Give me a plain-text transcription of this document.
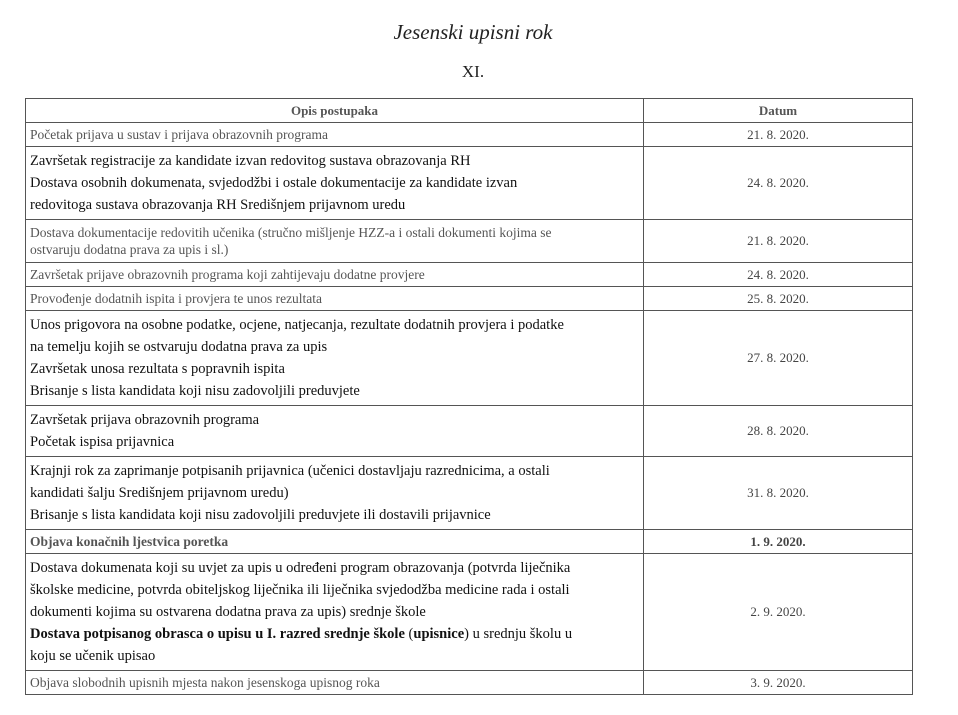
Jesenski upisni rok
XI.
Opis postupaka	Datum

Početak prijava u sustav i prijava obrazovnih programa	21. 8. 2020.

Završetak registracije za kandidate izvan redovitog sustava obrazovanja RH
Dostava osobnih dokumenata, svjedodžbi i ostale dokumentacije za kandidate izvan
redovitoga sustava obrazovanja RH Središnjem prijavnom uredu	24. 8. 2020.

Dostava dokumentacije redovitih učenika (stručno mišljenje HZZ-a i ostali dokumenti kojima se
ostvaruju dodatna prava za upis i sl.)	21. 8. 2020.

Završetak prijave obrazovnih programa koji zahtijevaju dodatne provjere	24. 8. 2020.

Provođenje dodatnih ispita i provjera te unos rezultata	25. 8. 2020.

Unos prigovora na osobne podatke, ocjene, natjecanja, rezultate dodatnih provjera i podatke
na temelju kojih se ostvaruju dodatna prava za upis
Završetak unosa rezultata s popravnih ispita
Brisanje s lista kandidata koji nisu zadovoljili preduvjete	27. 8. 2020.

Završetak prijava obrazovnih programa
Početak ispisa prijavnica	28. 8. 2020.

Krajnji rok za zaprimanje potpisanih prijavnica (učenici dostavljaju razrednicima, a ostali
kandidati šalju Središnjem prijavnom uredu)
Brisanje s lista kandidata koji nisu zadovoljili preduvjete ili dostavili prijavnice	31. 8. 2020.

Objava konačnih ljestvica poretka	1. 9. 2020.

Dostava dokumenata koji su uvjet za upis u određeni program obrazovanja (potvrda liječnika
školske medicine, potvrda obiteljskog liječnika ili liječnika svjedodžba medicine rada i ostali
dokumenti kojima su ostvarena dodatna prava za upis) srednje škole
Dostava potpisanog obrasca o upisu u I. razred srednje škole (upisnice) u srednju školu u
koju se učenik upisao	2. 9. 2020.

Objava slobodnih upisnih mjesta nakon jesenskoga upisnog roka	3. 9. 2020.
